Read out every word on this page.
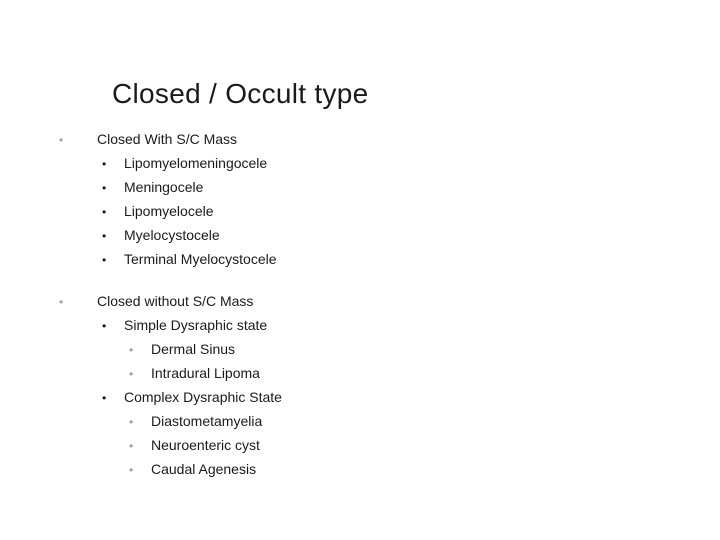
Closed / Occult type
• Closed With S/C Mass
• Lipomyelomeningocele
• Meningocele
• Lipomyelocele
• Myelocystocele
• Terminal Myelocystocele
• Closed without S/C Mass
• Simple Dysraphic state
• Dermal Sinus
• Intradural Lipoma
• Complex Dysraphic State
• Diastometamyelia
• Neuroenteric cyst
• Caudal Agenesis
